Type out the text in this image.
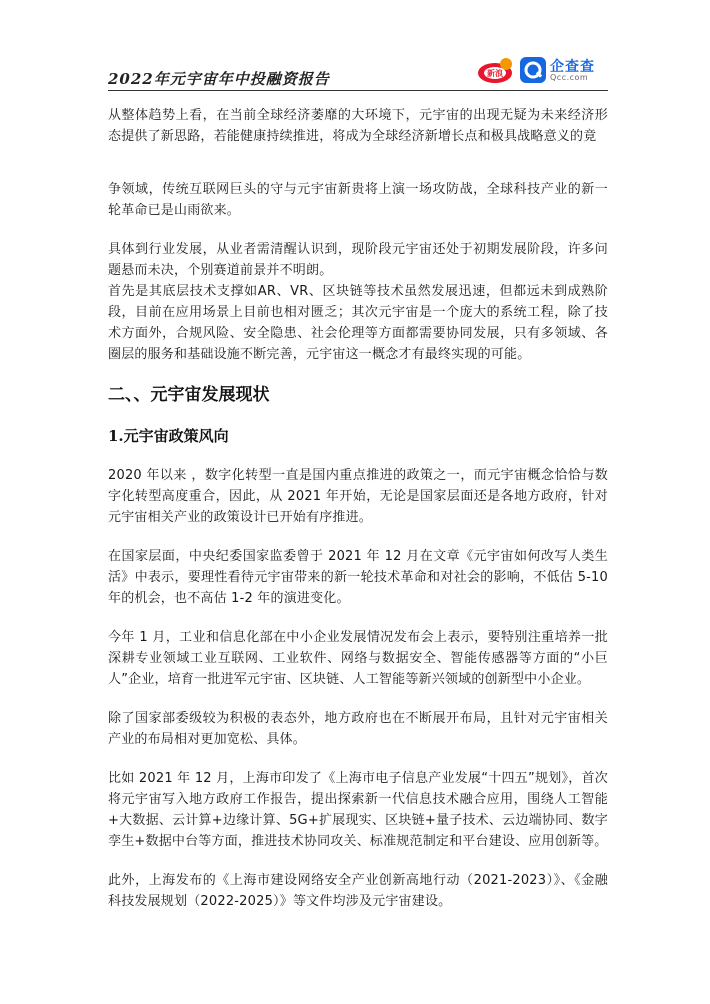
2022年元宇宙年中投融资报告	新浪	企查查
Qcc.com

从整体趋势上看，在当前全球经济萎靡的大环境下，元宇宙的出现无疑为未来经济形态提供了新思路，若能健康持续推进，将成为全球经济新增长点和极具战略意义的竟

争领域，传统互联网巨头的守与元宇宙新贵将上演一场攻防战，全球科技产业的新一轮革命已是山雨欲来。

具体到行业发展，从业者需清醒认识到，现阶段元宇宙还处于初期发展阶段，许多问题悬而未决，个别赛道前景并不明朗。

首先是其底层技术支撑如AR、VR、区块链等技术虽然发展迅速，但都远未到成熟阶段，目前在应用场景上目前也相对匮乏；其次元宇宙是一个庞大的系统工程，除了技术方面外，合规风险、安全隐患、社会伦理等方面都需要协同发展，只有多领域、各圈层的服务和基础设施不断完善，元宇宙这一概念才有最终实现的可能。

二、、元宇宙发展现状
1.元宇宙政策风向

2020 年以来 ，数字化转型一直是国内重点推进的政策之一，而元宇宙概念恰恰与数字化转型高度重合，因此，从 2021 年开始，无论是国家层面还是各地方政府，针对元宇宙相关产业的政策设计已开始有序推进。

在国家层面，中央纪委国家监委曾于 2021 年 12 月在文章《元宇宙如何改写人类生活》中表示，要理性看待元宇宙带来的新一轮技术革命和对社会的影响，不低估 5-10 年的机会，也不高估 1-2 年的演进变化。

今年 1 月，工业和信息化部在中小企业发展情况发布会上表示，要特别注重培养一批深耕专业领域工业互联网、工业软件、网络与数据安全、智能传感器等方面的“小巨人”企业，培育一批进军元宇宙、区块链、人工智能等新兴领域的创新型中小企业。

除了国家部委级较为积极的表态外，地方政府也在不断展开布局，且针对元宇宙相关产业的布局相对更加宽松、具体。

比如 2021 年 12 月，上海市印发了《上海市电子信息产业发展“十四五”规划》，首次将元宇宙写入地方政府工作报告，提出探索新一代信息技术融合应用，围绕人工智能+大数据、云计算+边缘计算、5G+扩展现实、区块链+量子技术、云边端协同、数字孪生+数据中台等方面，推进技术协同攻关、标准规范制定和平台建设、应用创新等。

此外，上海发布的《上海市建设网络安全产业创新高地行动（2021-2023）》、《金融科技发展规划（2022-2025）》等文件均涉及元宇宙建设。
